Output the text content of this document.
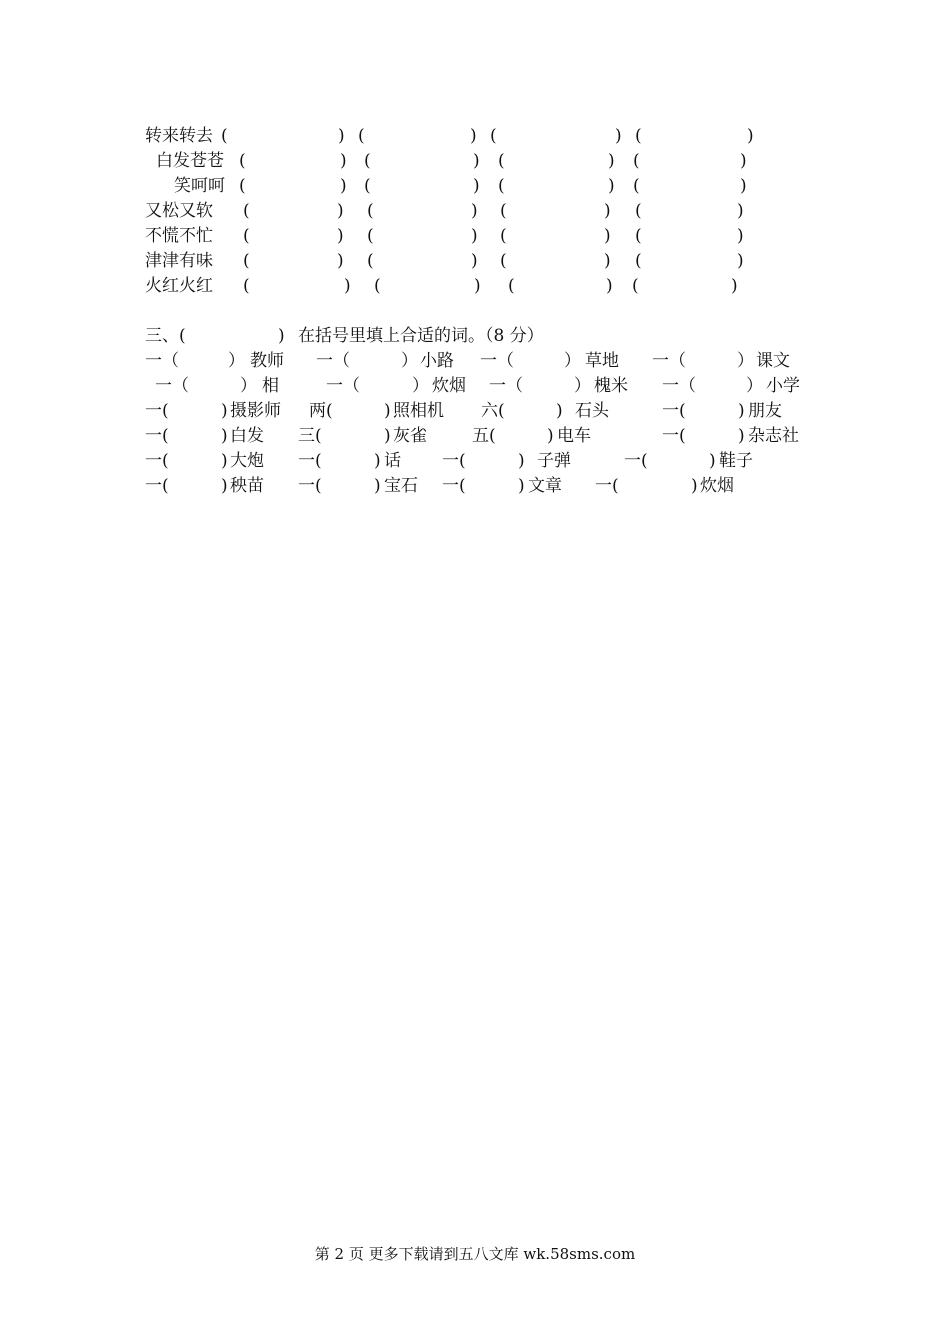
转来转去 (	) (	) (	) (	)
白发苍苍 (	) (	) (	) (	)
笑呵呵 (	) (	) (	) (	)
又松又软 (	) (	) (	) (	)
不慌不忙 (	) (	) (	) (	)
津津有味 (	) (	) (	) (	)
火红火红 (	) (	) (	) (	)
三、(	) 在括号里填上合适的词。（8 分）
一（	） 教师 一（	） 小路 一（	） 草地 一（	） 课文
一（	） 相	一（	） 炊烟 一（	） 槐米 一（	） 小学
一(	) 摄影师 两(	) 照相机 六(	) 石头	一(	) 朋友
一(	) 白发 三(	) 灰雀	五(	) 电车	一(	) 杂志社
一(	) 大炮 一(	) 话 一(	) 子弹	一(	) 鞋子
一(	) 秧苗 一(	) 宝石 一(	) 文章 一(	) 炊烟
第 2 页 更多下载请到五八文库 wk.58sms.com
